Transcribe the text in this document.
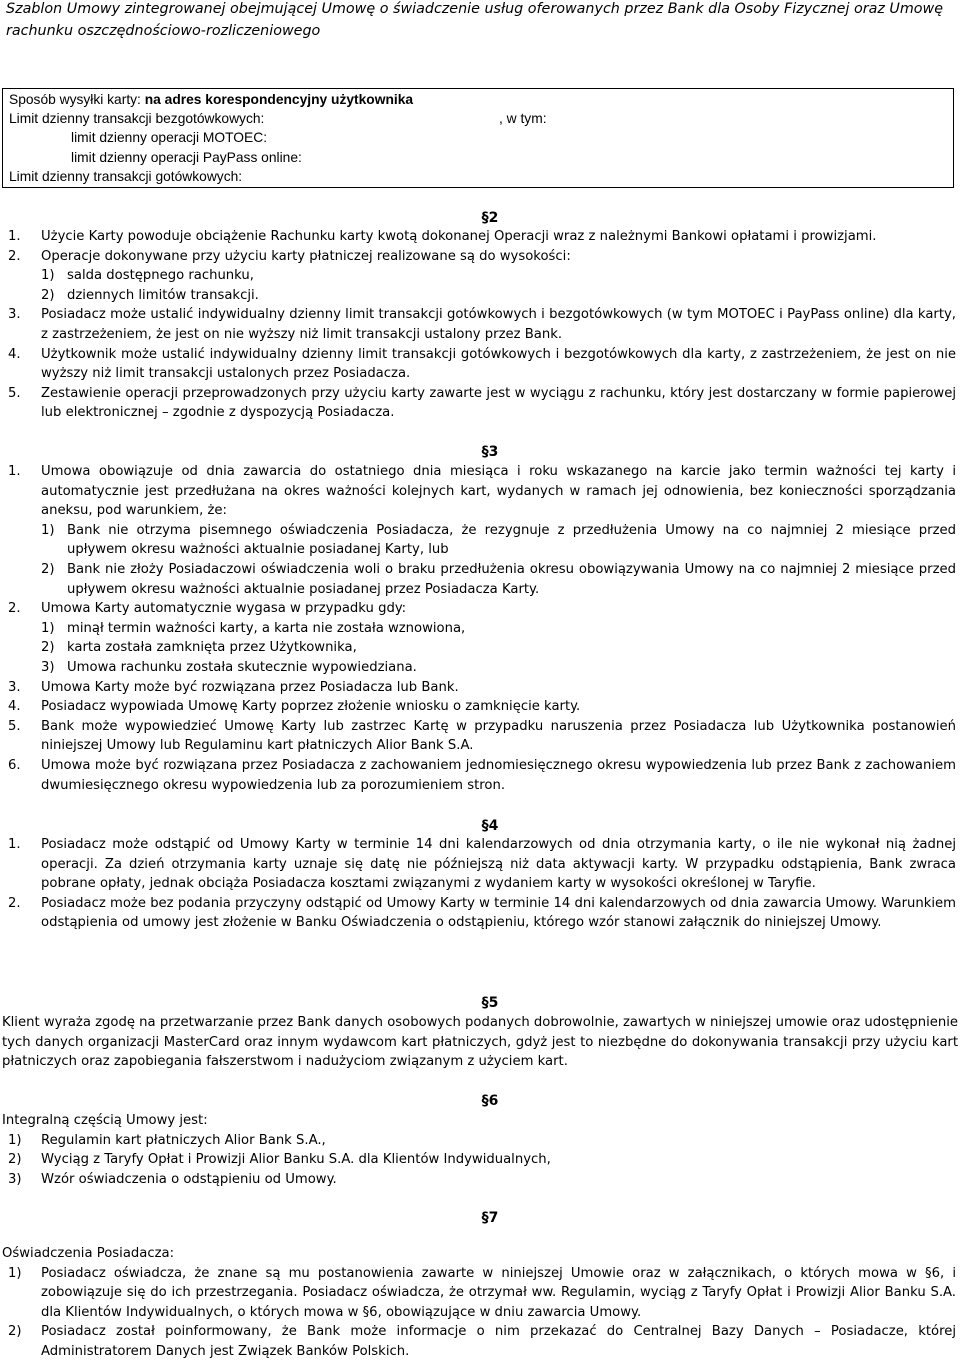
Szablon Umowy zintegrowanej obejmującej Umowę o świadczenie usług oferowanych przez Bank dla Osoby Fizycznej oraz Umowę rachunku oszczędnościowo-rozliczeniowego
Sposób wysyłki karty: na adres korespondencyjny użytkownika
Limit dzienny transakcji bezgotówkowych:
limit dzienny operacji MOTOEC:
limit dzienny operacji PayPass online:
Limit dzienny transakcji gotówkowych:
, w tym:
§2
1. Użycie Karty powoduje obciążenie Rachunku karty kwotą dokonanej Operacji wraz z należnymi Bankowi opłatami i prowizjami.
2. Operacje dokonywane przy użyciu karty płatniczej realizowane są do wysokości:
1) salda dostępnego rachunku,
2) dziennych limitów transakcji.
3. Posiadacz może ustalić indywidualny dzienny limit transakcji gotówkowych i bezgotówkowych (w tym MOTOEC i PayPass online) dla karty, z zastrzeżeniem, że jest on nie wyższy niż limit transakcji ustalony przez Bank.
4. Użytkownik może ustalić indywidualny dzienny limit transakcji gotówkowych i bezgotówkowych dla karty, z zastrzeżeniem, że jest on nie wyższy niż limit transakcji ustalonych przez Posiadacza.
5. Zestawienie operacji przeprowadzonych przy użyciu karty zawarte jest w wyciągu z rachunku, który jest dostarczany w formie papierowej lub elektronicznej – zgodnie z dyspozycją Posiadacza.
§3
1. Umowa obowiązuje od dnia zawarcia do ostatniego dnia miesiąca i roku wskazanego na karcie jako termin ważności tej karty i automatycznie jest przedłużana na okres ważności kolejnych kart, wydanych w ramach jej odnowienia, bez konieczności sporządzania aneksu, pod warunkiem, że:
1) Bank nie otrzyma pisemnego oświadczenia Posiadacza, że rezygnuje z przedłużenia Umowy na co najmniej 2 miesiące przed upływem okresu ważności aktualnie posiadanej Karty, lub
2) Bank nie złoży Posiadaczowi oświadczenia woli o braku przedłużenia okresu obowiązywania Umowy na co najmniej 2 miesiące przed upływem okresu ważności aktualnie posiadanej przez Posiadacza Karty.
2. Umowa Karty automatycznie wygasa w przypadku gdy:
1) minął termin ważności karty, a karta nie została wznowiona,
2) karta została zamknięta przez Użytkownika,
3) Umowa rachunku została skutecznie wypowiedziana.
3. Umowa Karty może być rozwiązana przez Posiadacza lub Bank.
4. Posiadacz wypowiada Umowę Karty poprzez złożenie wniosku o zamknięcie karty.
5. Bank może wypowiedzieć Umowę Karty lub zastrzec Kartę w przypadku naruszenia przez Posiadacza lub Użytkownika postanowień niniejszej Umowy lub Regulaminu kart płatniczych Alior Bank S.A.
6. Umowa może być rozwiązana przez Posiadacza z zachowaniem jednomiesięcznego okresu wypowiedzenia lub przez Bank z zachowaniem dwumiesięcznego okresu wypowiedzenia lub za porozumieniem stron.
§4
1. Posiadacz może odstąpić od Umowy Karty w terminie 14 dni kalendarzowych od dnia otrzymania karty, o ile nie wykonał nią żadnej operacji. Za dzień otrzymania karty uznaje się datę nie późniejszą niż data aktywacji karty. W przypadku odstąpienia, Bank zwraca pobrane opłaty, jednak obciąża Posiadacza kosztami związanymi z wydaniem karty w wysokości określonej w Taryfie.
2. Posiadacz może bez podania przyczyny odstąpić od Umowy Karty w terminie 14 dni kalendarzowych od dnia zawarcia Umowy. Warunkiem odstąpienia od umowy jest złożenie w Banku Oświadczenia o odstąpieniu, którego wzór stanowi załącznik do niniejszej Umowy.
§5
Klient wyraża zgodę na przetwarzanie przez Bank danych osobowych podanych dobrowolnie, zawartych w niniejszej umowie oraz udostępnienie tych danych organizacji MasterCard oraz innym wydawcom kart płatniczych, gdyż jest to niezbędne do dokonywania transakcji przy użyciu kart płatniczych oraz zapobiegania fałszerstwom i nadużyciom związanym z użyciem kart.
§6
Integralną częścią Umowy jest:
1) Regulamin kart płatniczych Alior Bank S.A.,
2) Wyciąg z Taryfy Opłat i Prowizji Alior Banku S.A. dla Klientów Indywidualnych,
3) Wzór oświadczenia o odstąpieniu od Umowy.
§7
Oświadczenia Posiadacza:
1) Posiadacz oświadcza, że znane są mu postanowienia zawarte w niniejszej Umowie oraz w załącznikach, o których mowa w §6, i zobowiązuje się do ich przestrzegania. Posiadacz oświadcza, że otrzymał ww. Regulamin, wyciąg z Taryfy Opłat i Prowizji Alior Banku S.A. dla Klientów Indywidualnych, o których mowa w §6, obowiązujące w dniu zawarcia Umowy.
2) Posiadacz został poinformowany, że Bank może informacje o nim przekazać do Centralnej Bazy Danych – Posiadacze, której Administratorem Danych jest Związek Banków Polskich.
